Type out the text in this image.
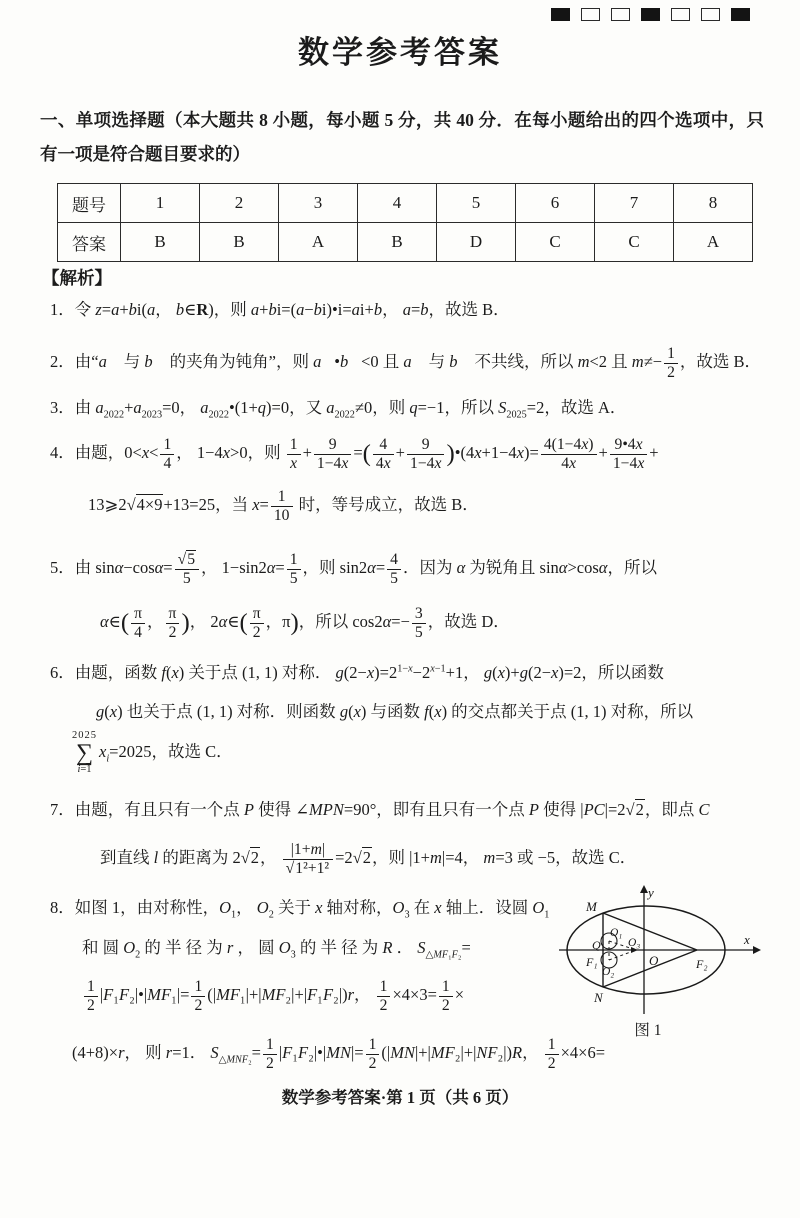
数学参考答案
一、单项选择题（本大题共 8 小题，每小题 5 分，共 40 分．在每小题给出的四个选项中，只有一项是符合题目要求的）
题号	1	2	3	4	5	6	7	8
答案	B	B	A	B	D	C	C	A
【解析】
1．令 z=a+bi(a， b∈R)，则 a+bi=(a−bi)•i=ai+b， a=b，故选 B．
2．由“a⃗ 与 b⃗ 的夹角为钝角”，则 a⃗•b⃗<0 且 a⃗ 与 b⃗ 不共线，所以 m<2 且 $m\ne- \frac{1}{2}$ ，故选 B．
3．由 $a_{2022}+a_{2023}=0$， $a_{2022}•(1+q)=0$，又 $a_{2022}\ne 0$，则 q=−1，所以 $S_{2025}=2$，故选 A．
4．由题，$0<x< \frac{1}{4}$ ， 1−4x>0，则 $\frac{1}{x} + \frac{9}{1-4x}$ =( $\frac{4}{4x} + \frac{9}{1-4x}$ )•(4x+1−4x)= $\frac{4(1-4x)}{4x} + \frac{9•4x}{1-4x}$ +
13⩾2 √ 4×9+13=25，当 $x= \frac{1}{10}$ 时，等号成立，故选 B．
5．由 sinα−cosα= √ $\frac{5}{5}$ ， $1-\sin 2\alpha= \frac{1}{5}$ ，则 $\sin 2\alpha= \frac{4}{5}$ ．因为 α 为锐角且 sinα>cosα，所以
α∈( $\frac{\pi}{4}$ ， $\frac{\pi}{2}$ )， 2α∈( $\frac{\pi}{2}$ ，π)，所以 $\cos 2\alpha=- \frac{3}{5}$ ，故选 D．
6．由题，函数 f(x) 关于点 (1, 1) 对称． $g(2-x)=2^{1-x}-2^{x-1}+1$， g(x)+g(2−x)=2，所以函数
g(x) 也关于点 (1, 1) 对称．则函数 g(x) 与函数 f(x) 的交点都关于点 (1, 1) 对称，所以
2025
∑
i=1
$x_i=2025$，故选 C．
7．由题，有且只有一个点 P 使得 ∠MPN=90°，即有且只有一个点 P 使得 |PC|=2 √ 2，即点 C
到直线 l 的距离为 2 √ 2， |1+m|
√ 1²+1² =2 √ 2，则 |1+m|=4， m=3 或 −5，故选 C．
8．如图 1，由对称性，$O_1$， $O_2$ 关于 x 轴对称，$O_3$ 在 x 轴上．设圆 $O_1$
和 圆 $O_2$ 的 半 径 为 r ， 圆 $O_3$ 的 半 径 为 R ． $S_{\triangle MF_1F_2}=$
$\frac{1}{2}$ |F₁F₂|•|MF₁|= $\frac{1}{2} (|MF_1|+|MF_2|+|F_1F_2|)r$， $\frac{1}{2} \times 4\times 3= \frac{1}{2}$ ×
(4+8)×r， 则 r=1． $S_{\triangle MNF_2}= \frac{1}{2}$ |F₁F₂|•|MN|= $\frac{1}{2} (|MN|+|MF_2|+|NF_2|)R$， $\frac{1}{2} \times 4\times 6=$
y
x
M
N
F₁	F₂
O
O₁
O₂
O₃
Q
图 1
数学参考答案·第 1 页（共 6 页）
